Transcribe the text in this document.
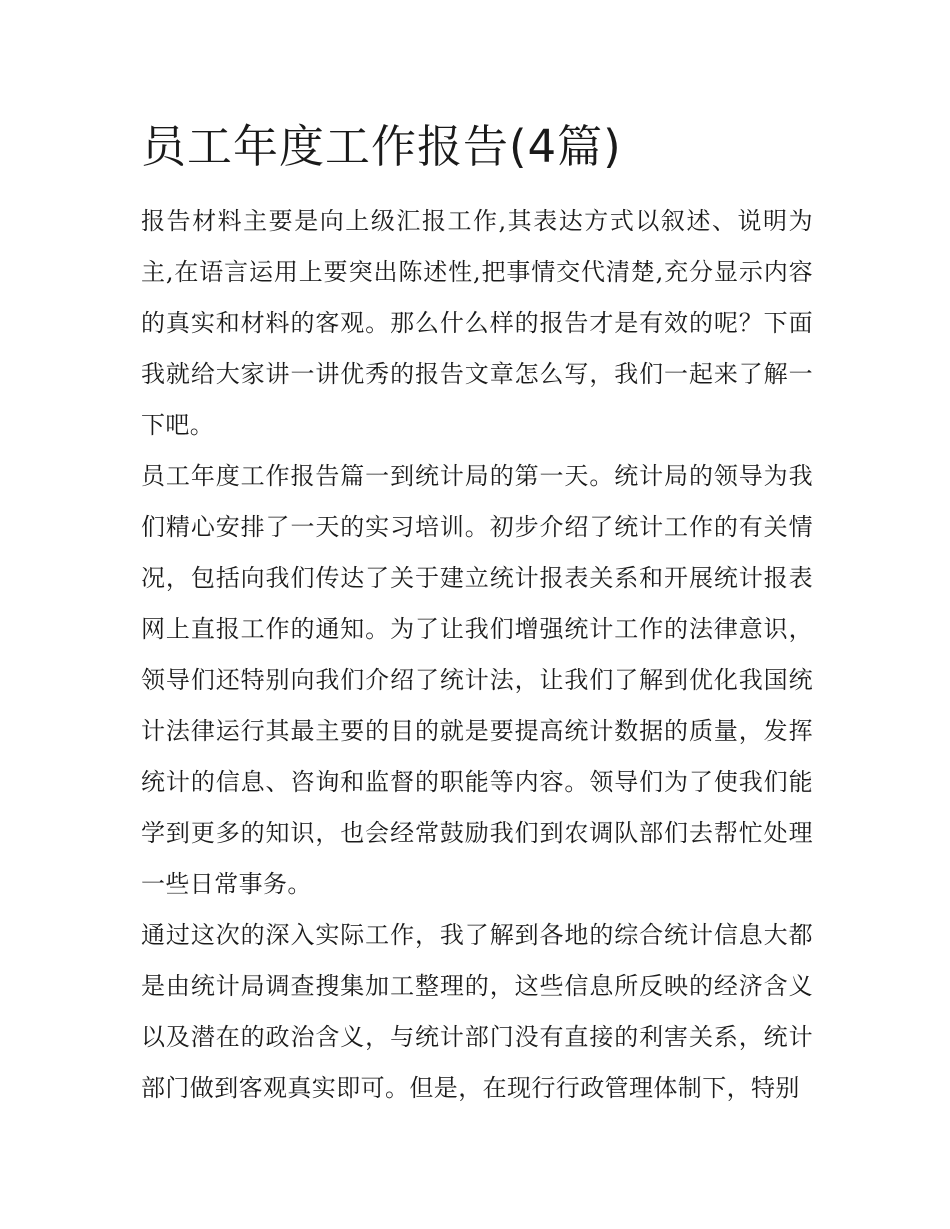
员工年度工作报告(4篇)

报告材料主要是向上级汇报工作,其表达方式以叙述、说明为主,在语言运用上要突出陈述性,把事情交代清楚,充分显示内容的真实和材料的客观。那么什么样的报告才是有效的呢？下面我就给大家讲一讲优秀的报告文章怎么写，我们一起来了解一下吧。

员工年度工作报告篇一到统计局的第一天。统计局的领导为我们精心安排了一天的实习培训。初步介绍了统计工作的有关情况，包括向我们传达了关于建立统计报表关系和开展统计报表网上直报工作的通知。为了让我们增强统计工作的法律意识，领导们还特别向我们介绍了统计法，让我们了解到优化我国统计法律运行其最主要的目的就是要提高统计数据的质量，发挥统计的信息、咨询和监督的职能等内容。领导们为了使我们能学到更多的知识，也会经常鼓励我们到农调队部们去帮忙处理一些日常事务。

通过这次的深入实际工作，我了解到各地的综合统计信息大都是由统计局调查搜集加工整理的，这些信息所反映的经济含义以及潜在的政治含义，与统计部门没有直接的利害关系，统计部门做到客观真实即可。但是，在现行行政管理体制下，特别
